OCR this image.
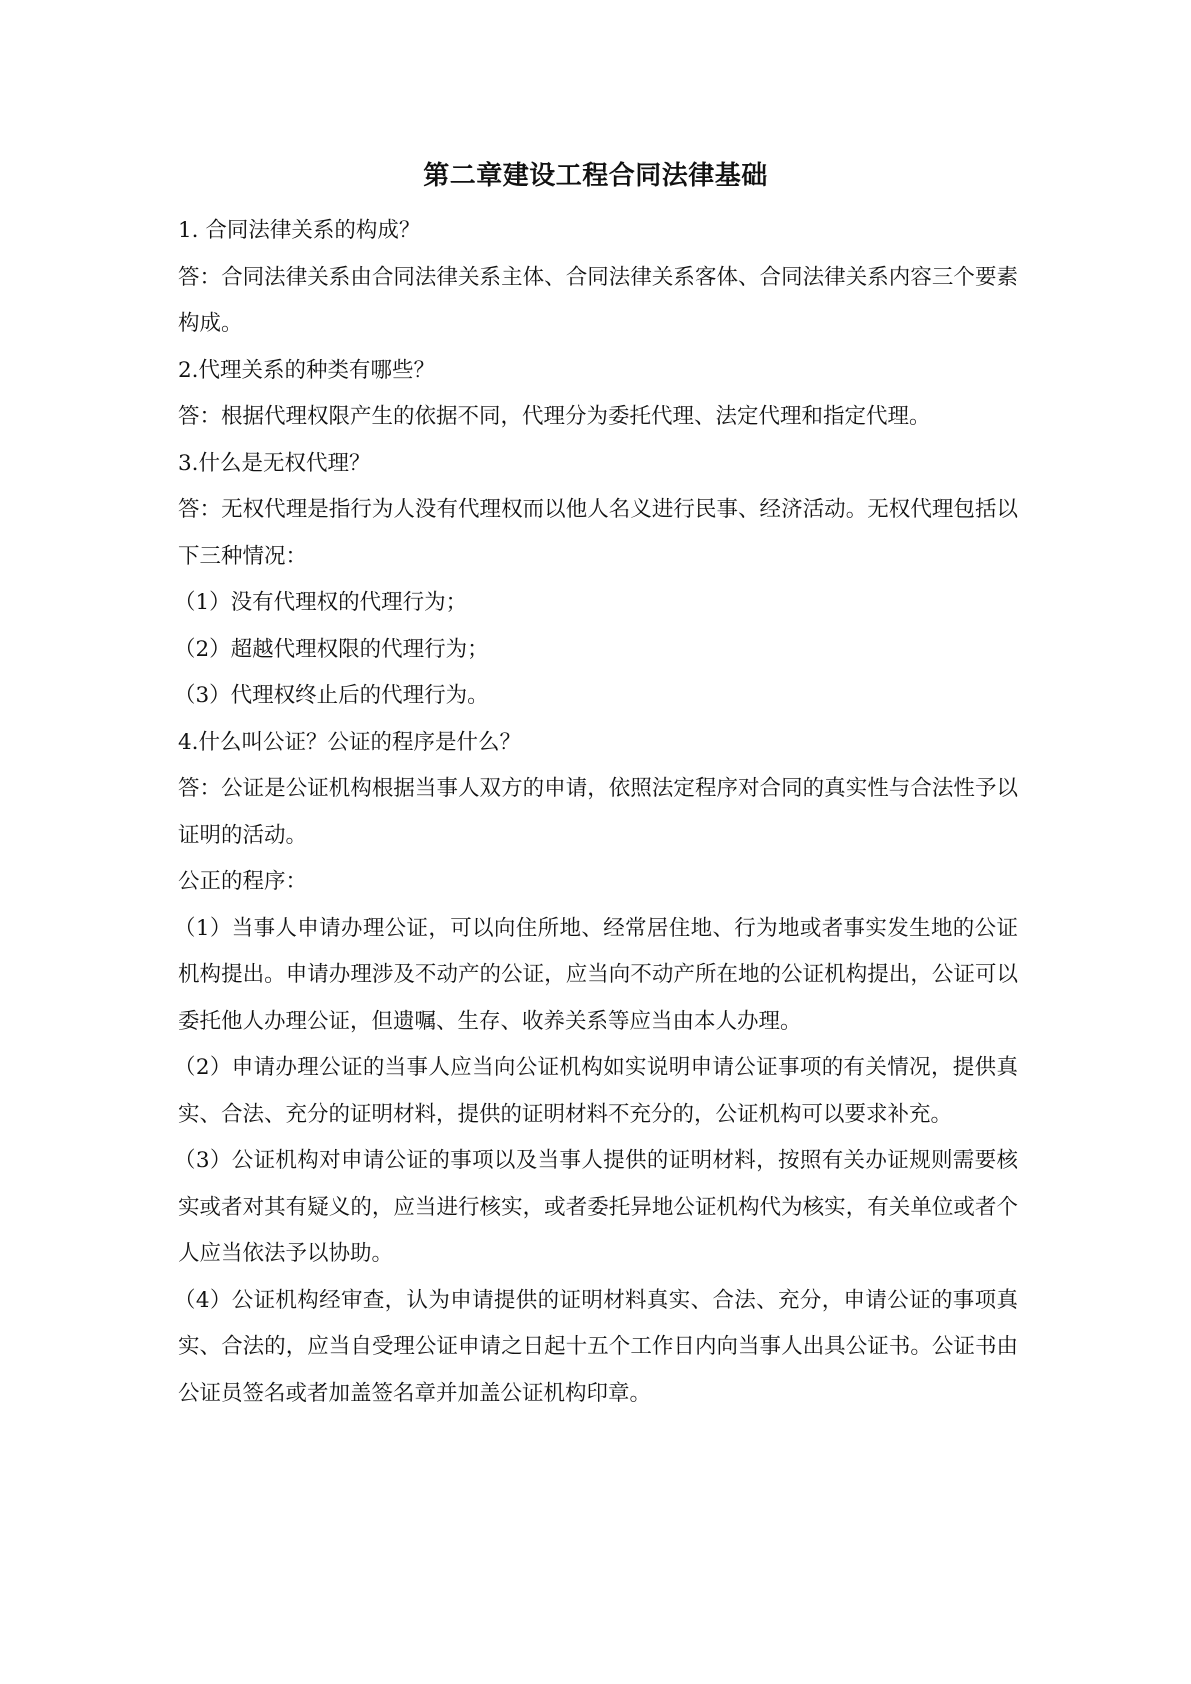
第二章建设工程合同法律基础

1. 合同法律关系的构成？

答：合同法律关系由合同法律关系主体、合同法律关系客体、合同法律关系内容三个要素构成。

2.代理关系的种类有哪些？

答：根据代理权限产生的依据不同，代理分为委托代理、法定代理和指定代理。

3.什么是无权代理？

答：无权代理是指行为人没有代理权而以他人名义进行民事、经济活动。无权代理包括以下三种情况：

（1）没有代理权的代理行为；

（2）超越代理权限的代理行为；

（3）代理权终止后的代理行为。

4.什么叫公证？公证的程序是什么？

答：公证是公证机构根据当事人双方的申请，依照法定程序对合同的真实性与合法性予以证明的活动。

公正的程序：

（1）当事人申请办理公证，可以向住所地、经常居住地、行为地或者事实发生地的公证机构提出。申请办理涉及不动产的公证，应当向不动产所在地的公证机构提出，公证可以委托他人办理公证，但遗嘱、生存、收养关系等应当由本人办理。

（2）申请办理公证的当事人应当向公证机构如实说明申请公证事项的有关情况，提供真实、合法、充分的证明材料，提供的证明材料不充分的，公证机构可以要求补充。

（3）公证机构对申请公证的事项以及当事人提供的证明材料，按照有关办证规则需要核实或者对其有疑义的，应当进行核实，或者委托异地公证机构代为核实，有关单位或者个人应当依法予以协助。

（4）公证机构经审查，认为申请提供的证明材料真实、合法、充分，申请公证的事项真实、合法的，应当自受理公证申请之日起十五个工作日内向当事人出具公证书。公证书由公证员签名或者加盖签名章并加盖公证机构印章。
